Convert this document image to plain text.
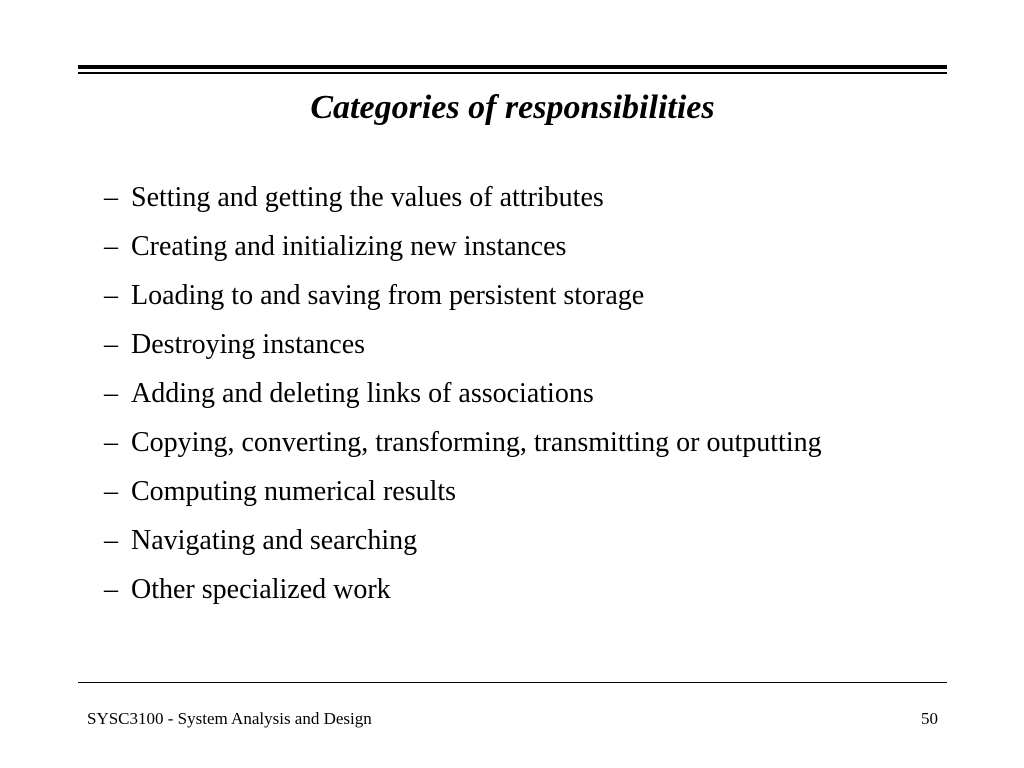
Categories of responsibilities
– Setting and getting the values of attributes
– Creating and initializing new instances
– Loading to and saving from persistent storage
– Destroying instances
– Adding and deleting links of associations
– Copying, converting, transforming, transmitting or outputting
– Computing numerical results
– Navigating and searching
– Other specialized work
SYSC3100 - System Analysis and Design	50
